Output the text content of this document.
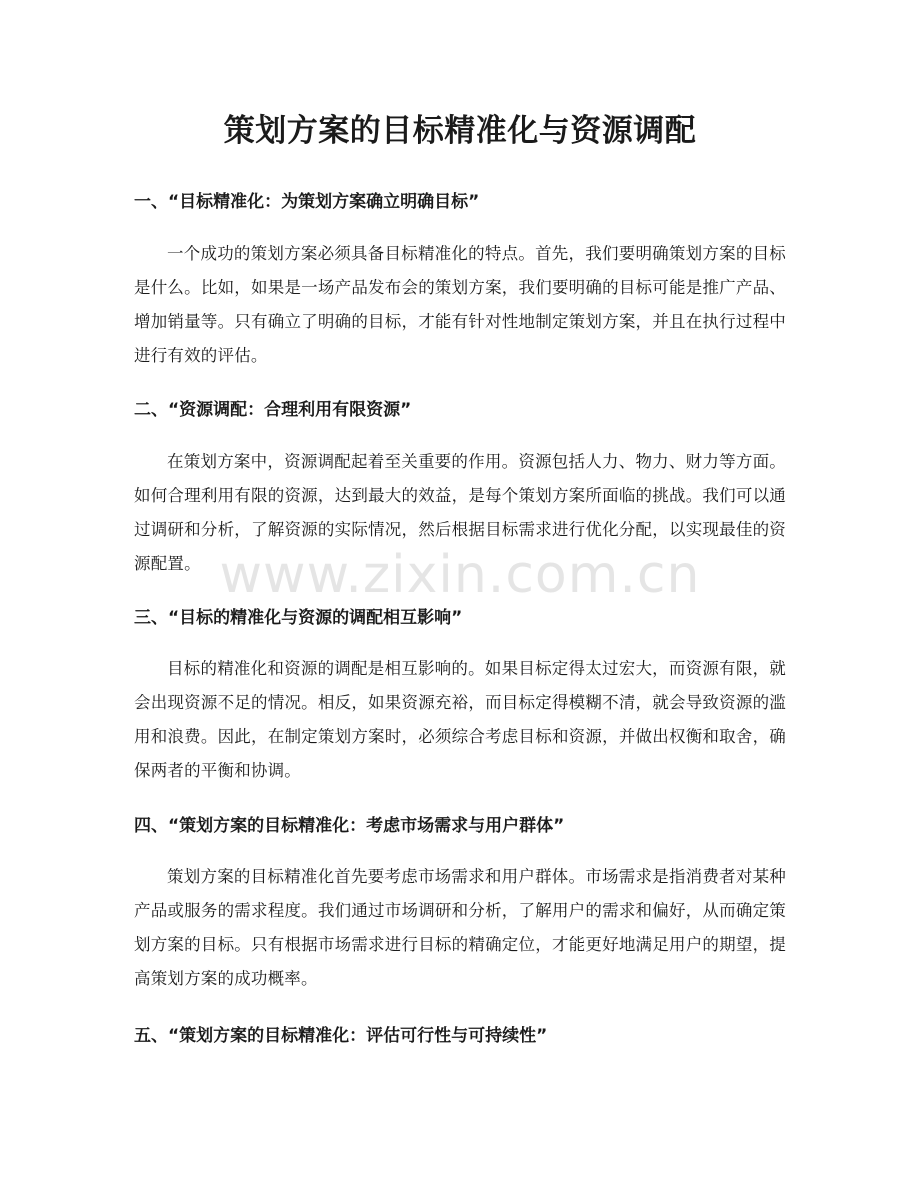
策划方案的目标精准化与资源调配
一、“目标精准化：为策划方案确立明确目标”
一个成功的策划方案必须具备目标精准化的特点。首先，我们要明确策划方案的目标是什么。比如，如果是一场产品发布会的策划方案，我们要明确的目标可能是推广产品、增加销量等。只有确立了明确的目标，才能有针对性地制定策划方案，并且在执行过程中进行有效的评估。
二、“资源调配：合理利用有限资源”
在策划方案中，资源调配起着至关重要的作用。资源包括人力、物力、财力等方面。如何合理利用有限的资源，达到最大的效益，是每个策划方案所面临的挑战。我们可以通过调研和分析，了解资源的实际情况，然后根据目标需求进行优化分配，以实现最佳的资源配置。
三、“目标的精准化与资源的调配相互影响”
目标的精准化和资源的调配是相互影响的。如果目标定得太过宏大，而资源有限，就会出现资源不足的情况。相反，如果资源充裕，而目标定得模糊不清，就会导致资源的滥用和浪费。因此，在制定策划方案时，必须综合考虑目标和资源，并做出权衡和取舍，确保两者的平衡和协调。
四、“策划方案的目标精准化：考虑市场需求与用户群体”
策划方案的目标精准化首先要考虑市场需求和用户群体。市场需求是指消费者对某种产品或服务的需求程度。我们通过市场调研和分析，了解用户的需求和偏好，从而确定策划方案的目标。只有根据市场需求进行目标的精确定位，才能更好地满足用户的期望，提高策划方案的成功概率。
五、“策划方案的目标精准化：评估可行性与可持续性”
www.zixin.com.cn
